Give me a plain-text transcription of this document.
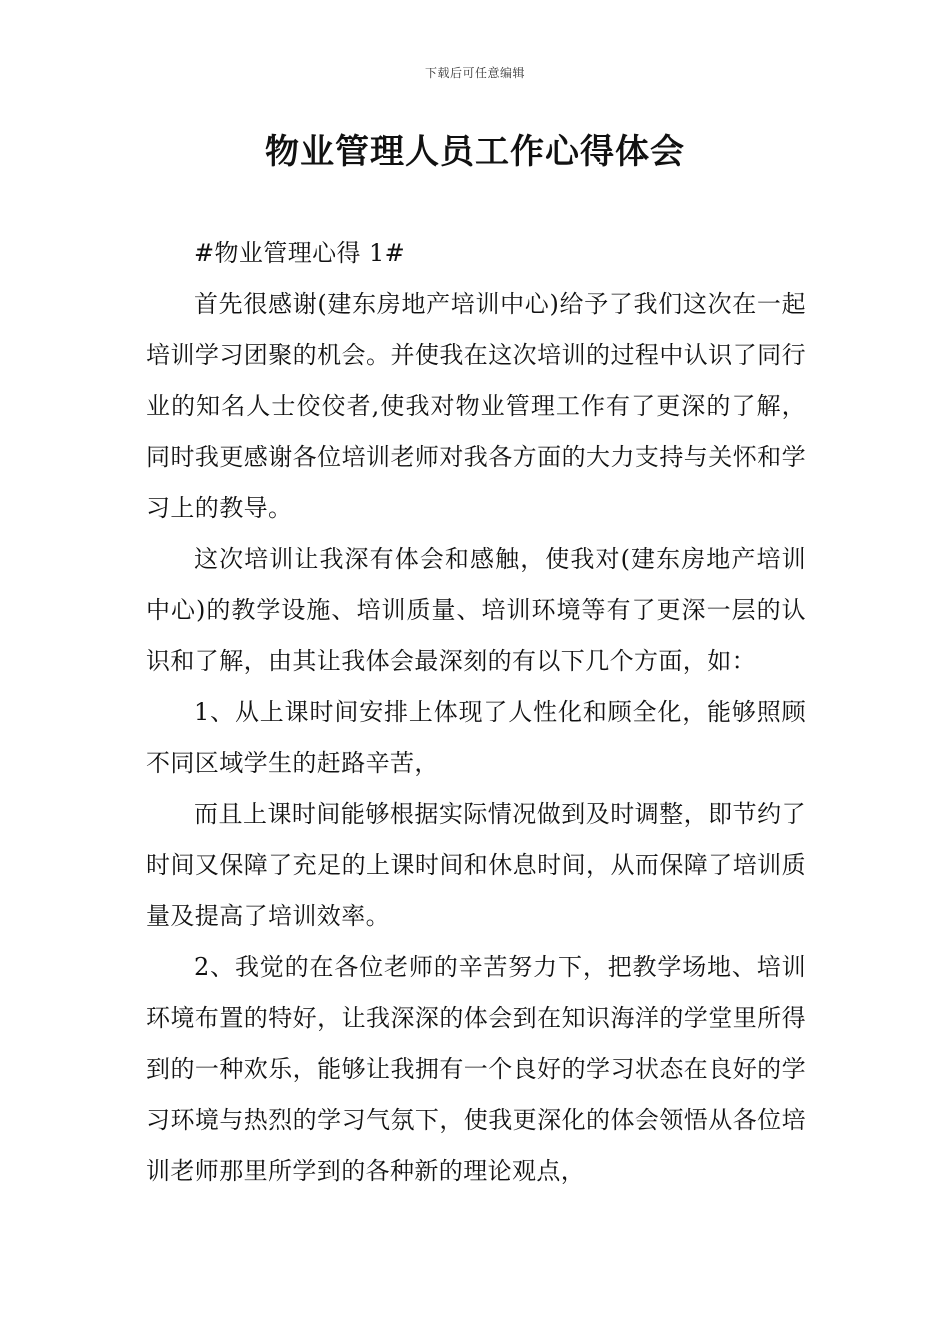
下载后可任意编辑
物业管理人员工作心得体会

#物业管理心得 1#

首先很感谢(建东房地产培训中心)给予了我们这次在一起培训学习团聚的机会。并使我在这次培训的过程中认识了同行业的知名人士佼佼者,使我对物业管理工作有了更深的了解，同时我更感谢各位培训老师对我各方面的大力支持与关怀和学习上的教导。

这次培训让我深有体会和感触，使我对(建东房地产培训中心)的教学设施、培训质量、培训环境等有了更深一层的认识和了解，由其让我体会最深刻的有以下几个方面，如：

1、从上课时间安排上体现了人性化和顾全化，能够照顾不同区域学生的赶路辛苦，

而且上课时间能够根据实际情况做到及时调整，即节约了时间又保障了充足的上课时间和休息时间，从而保障了培训质量及提高了培训效率。

2、我觉的在各位老师的辛苦努力下，把教学场地、培训环境布置的特好，让我深深的体会到在知识海洋的学堂里所得到的一种欢乐，能够让我拥有一个良好的学习状态在良好的学习环境与热烈的学习气氛下，使我更深化的体会领悟从各位培训老师那里所学到的各种新的理论观点，
